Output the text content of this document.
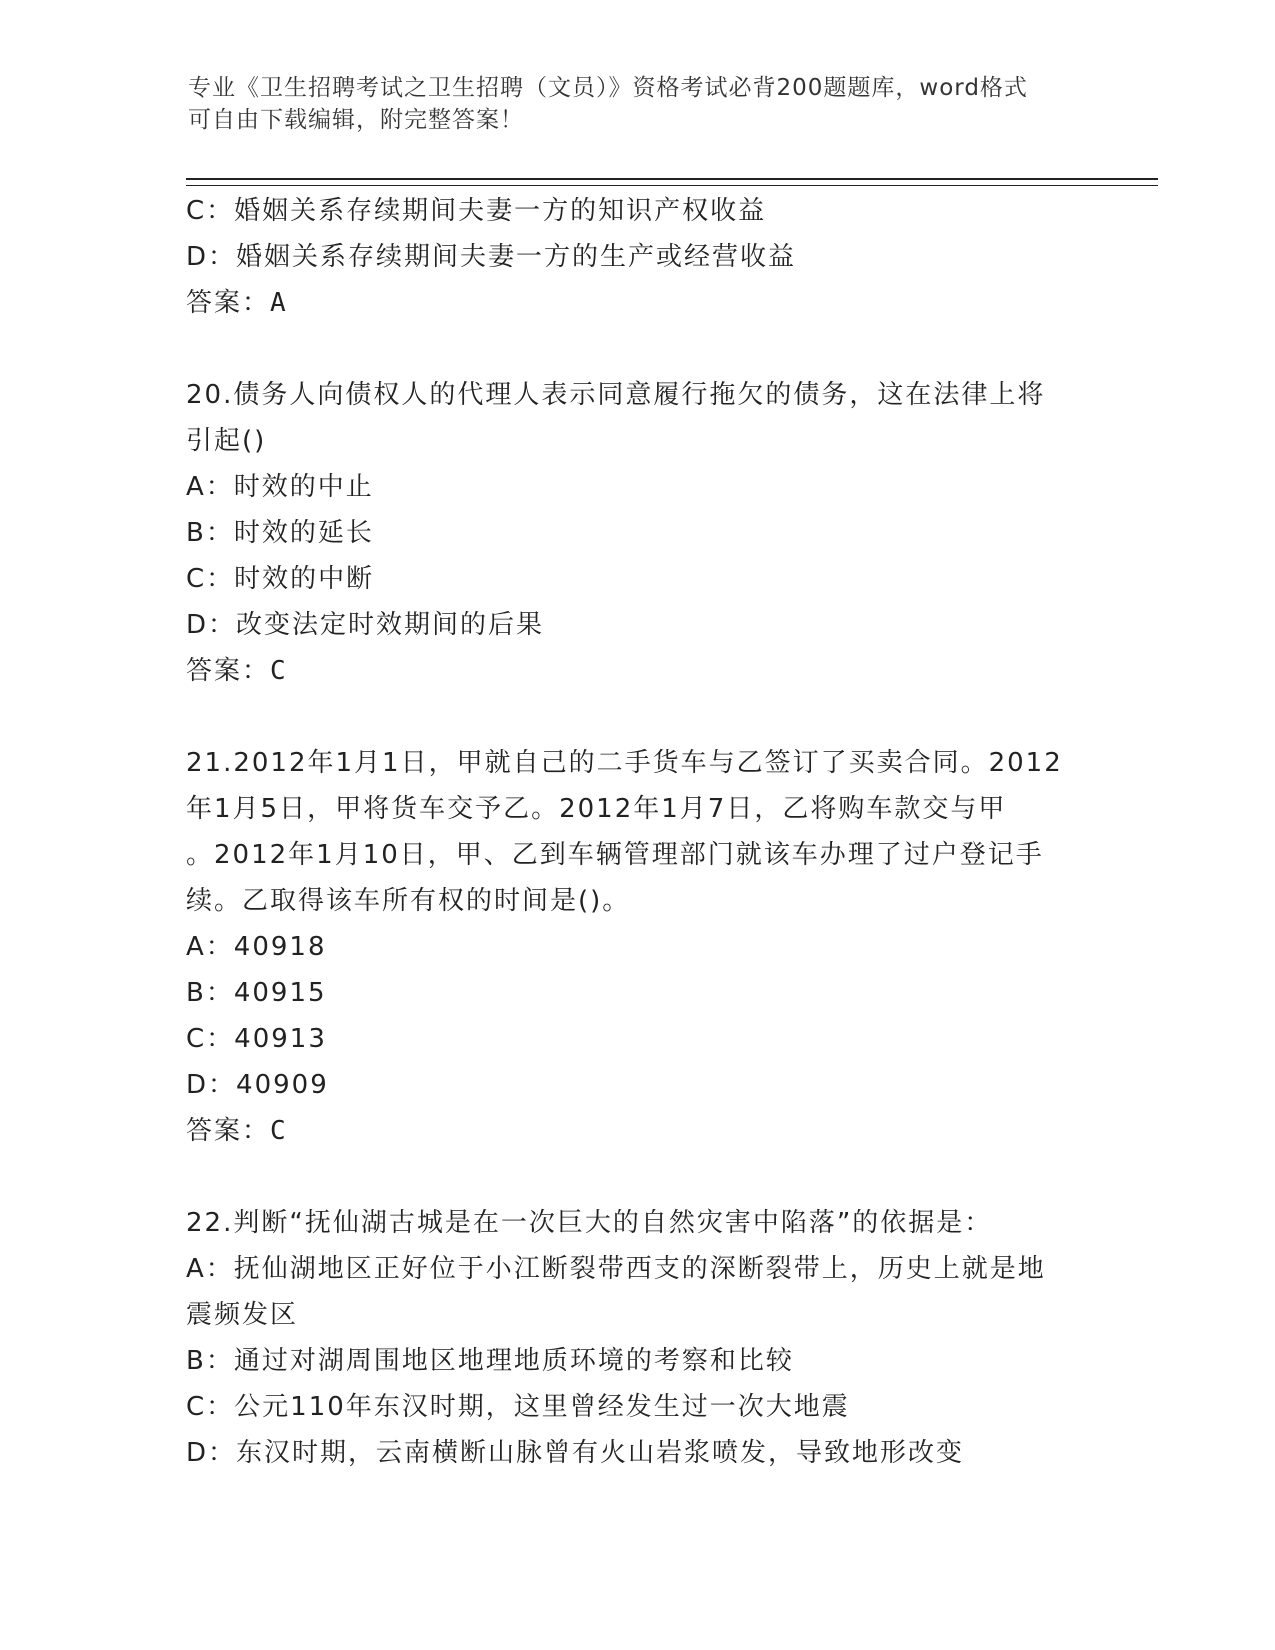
专业《卫生招聘考试之卫生招聘（文员）》资格考试必背200题题库，word格式
可自由下载编辑，附完整答案！
C：婚姻关系存续期间夫妻一方的知识产权收益
D：婚姻关系存续期间夫妻一方的生产或经营收益
答案：A
20.债务人向债权人的代理人表示同意履行拖欠的债务，这在法律上将
引起()
A：时效的中止
B：时效的延长
C：时效的中断
D：改变法定时效期间的后果
答案：C
21.2012年1月1日，甲就自己的二手货车与乙签订了买卖合同。2012
年1月5日，甲将货车交予乙。2012年1月7日，乙将购车款交与甲
。2012年1月10日，甲、乙到车辆管理部门就该车办理了过户登记手
续。乙取得该车所有权的时间是()。
A：40918
B：40915
C：40913
D：40909
答案：C
22.判断“抚仙湖古城是在一次巨大的自然灾害中陷落”的依据是：
A：抚仙湖地区正好位于小江断裂带西支的深断裂带上，历史上就是地
震频发区
B：通过对湖周围地区地理地质环境的考察和比较
C：公元110年东汉时期，这里曾经发生过一次大地震
D：东汉时期，云南横断山脉曾有火山岩浆喷发，导致地形改变
